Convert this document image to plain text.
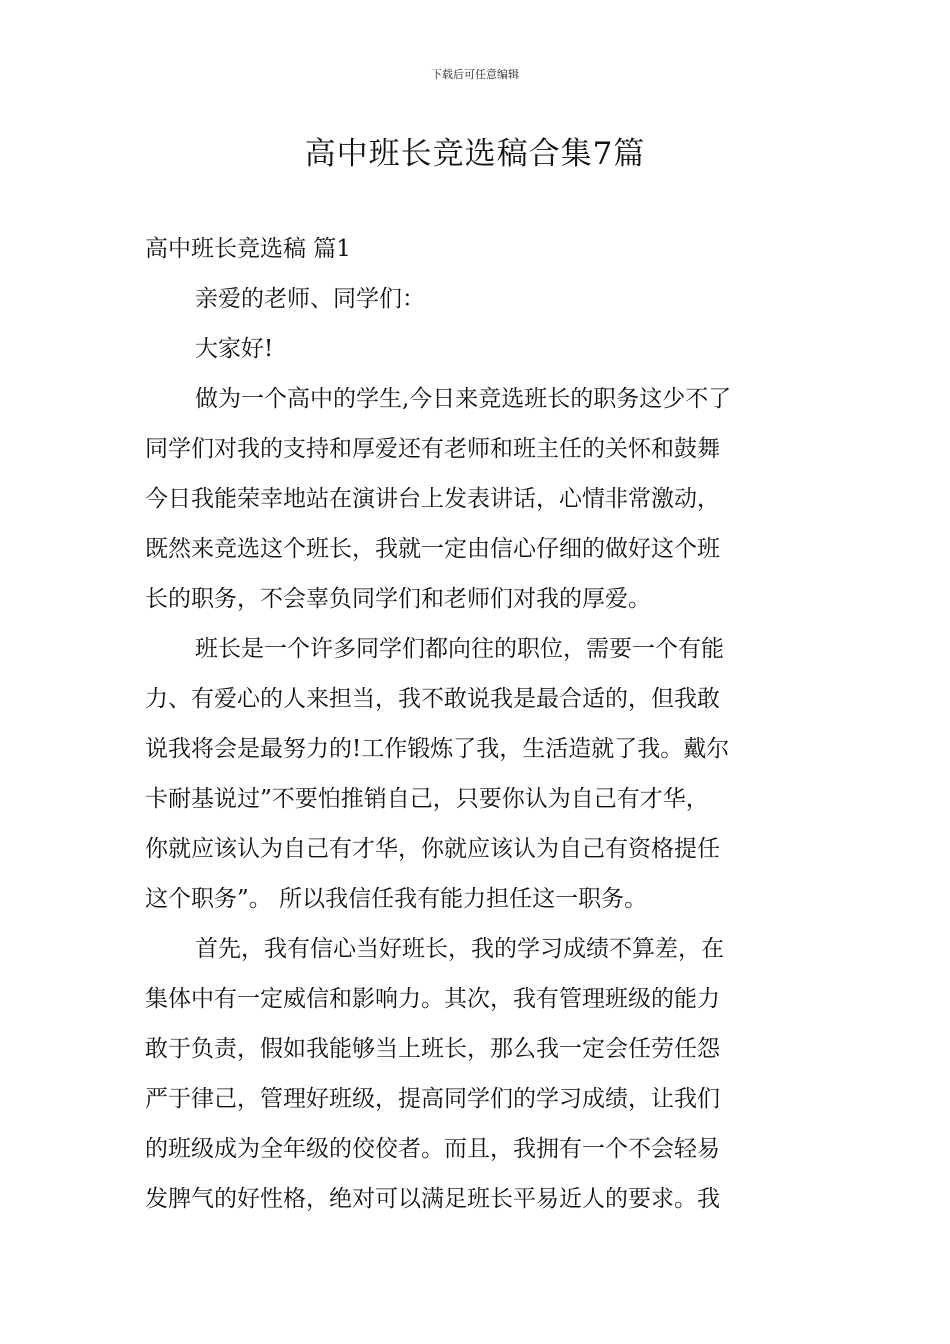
下载后可任意编辑
高中班长竞选稿合集7篇
高中班长竞选稿 篇1
亲爱的老师、同学们：
大家好!
做为一个高中的学生,今日来竞选班长的职务这少不了
同学们对我的支持和厚爱还有老师和班主任的关怀和鼓舞
今日我能荣幸地站在演讲台上发表讲话，心情非常激动，
既然来竞选这个班长，我就一定由信心仔细的做好这个班
长的职务，不会辜负同学们和老师们对我的厚爱。
班长是一个许多同学们都向往的职位，需要一个有能
力、有爱心的人来担当，我不敢说我是最合适的，但我敢
说我将会是最努力的!工作锻炼了我，生活造就了我。戴尔
卡耐基说过”不要怕推销自己，只要你认为自己有才华，
你就应该认为自己有才华，你就应该认为自己有资格提任
这个职务”。 所以我信任我有能力担任这一职务。
首先，我有信心当好班长，我的学习成绩不算差，在
集体中有一定威信和影响力。其次，我有管理班级的能力
敢于负责，假如我能够当上班长，那么我一定会任劳任怨
严于律己，管理好班级，提高同学们的学习成绩，让我们
的班级成为全年级的佼佼者。而且，我拥有一个不会轻易
发脾气的好性格，绝对可以满足班长平易近人的要求。我
